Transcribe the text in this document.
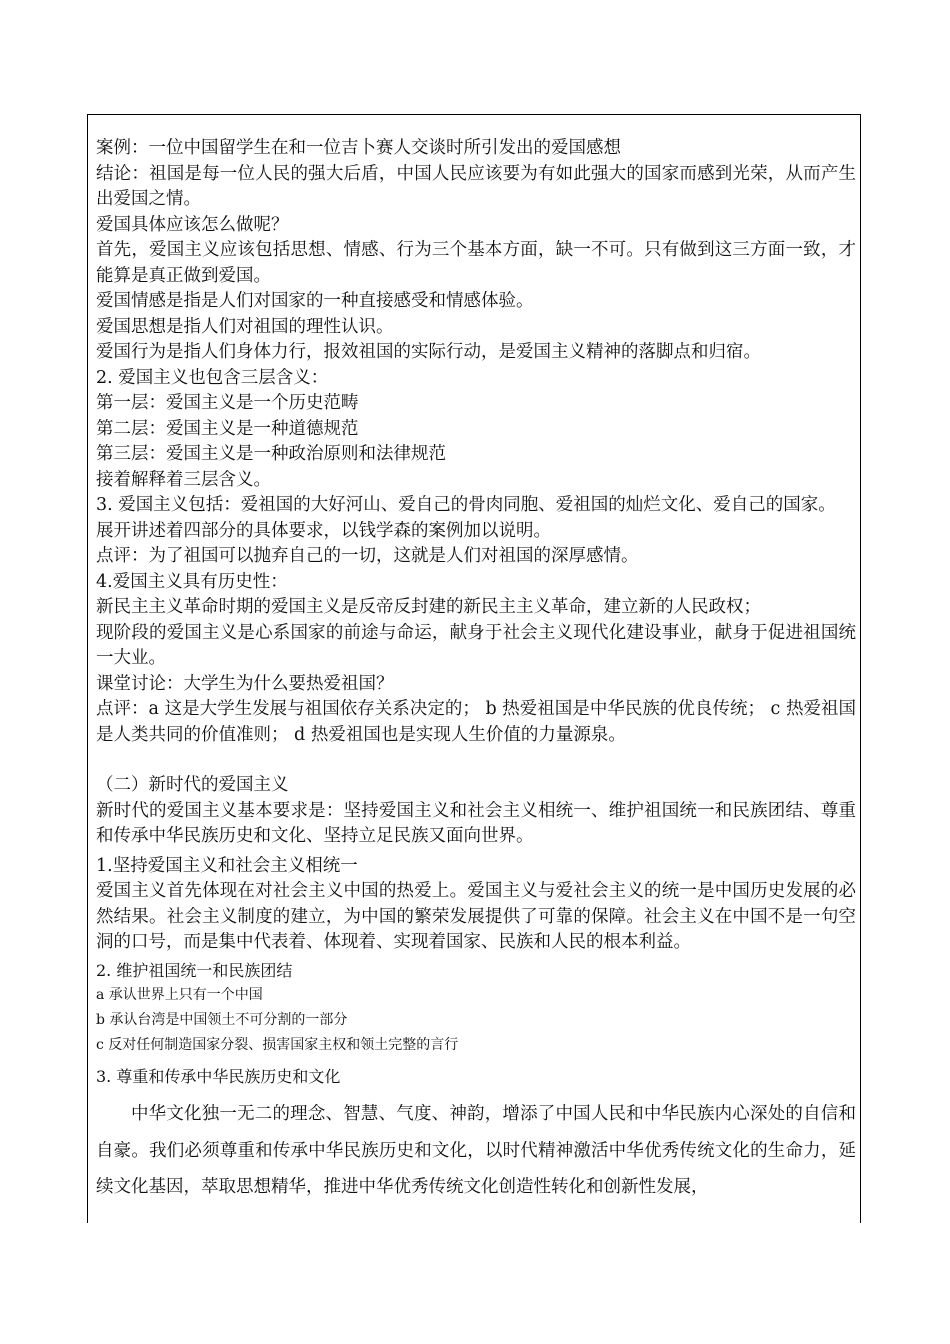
案例：一位中国留学生在和一位吉卜赛人交谈时所引发出的爱国感想

结论：祖国是每一位人民的强大后盾，中国人民应该要为有如此强大的国家而感到光荣，从而产生出爱国之情。

爱国具体应该怎么做呢？

首先，爱国主义应该包括思想、情感、行为三个基本方面，缺一不可。只有做到这三方面一致，才能算是真正做到爱国。

爱国情感是指是人们对国家的一种直接感受和情感体验。

爱国思想是指人们对祖国的理性认识。

爱国行为是指人们身体力行，报效祖国的实际行动，是爱国主义精神的落脚点和归宿。

2. 爱国主义也包含三层含义：

第一层：爱国主义是一个历史范畴

第二层：爱国主义是一种道德规范

第三层：爱国主义是一种政治原则和法律规范

接着解释着三层含义。

3. 爱国主义包括：爱祖国的大好河山、爱自己的骨肉同胞、爱祖国的灿烂文化、爱自己的国家。

展开讲述着四部分的具体要求，以钱学森的案例加以说明。

点评：为了祖国可以抛弃自己的一切，这就是人们对祖国的深厚感情。

4.爱国主义具有历史性：

新民主主义革命时期的爱国主义是反帝反封建的新民主主义革命，建立新的人民政权；

现阶段的爱国主义是心系国家的前途与命运，献身于社会主义现代化建设事业，献身于促进祖国统一大业。

课堂讨论：大学生为什么要热爱祖国？

点评：a 这是大学生发展与祖国依存关系决定的； b 热爱祖国是中华民族的优良传统； c 热爱祖国是人类共同的价值准则； d 热爱祖国也是实现人生价值的力量源泉。

（二）新时代的爱国主义

新时代的爱国主义基本要求是：坚持爱国主义和社会主义相统一、维护祖国统一和民族团结、尊重和传承中华民族历史和文化、坚持立足民族又面向世界。

1.坚持爱国主义和社会主义相统一

爱国主义首先体现在对社会主义中国的热爱上。爱国主义与爱社会主义的统一是中国历史发展的必然结果。社会主义制度的建立，为中国的繁荣发展提供了可靠的保障。社会主义在中国不是一句空洞的口号，而是集中代表着、体现着、实现着国家、民族和人民的根本利益。

2. 维护祖国统一和民族团结

a 承认世界上只有一个中国

b 承认台湾是中国领土不可分割的一部分

c 反对任何制造国家分裂、损害国家主权和领土完整的言行

3. 尊重和传承中华民族历史和文化

中华文化独一无二的理念、智慧、气度、神韵，增添了中国人民和中华民族内心深处的自信和自豪。我们必须尊重和传承中华民族历史和文化，以时代精神激活中华优秀传统文化的生命力，延续文化基因，萃取思想精华，推进中华优秀传统文化创造性转化和创新性发展，
